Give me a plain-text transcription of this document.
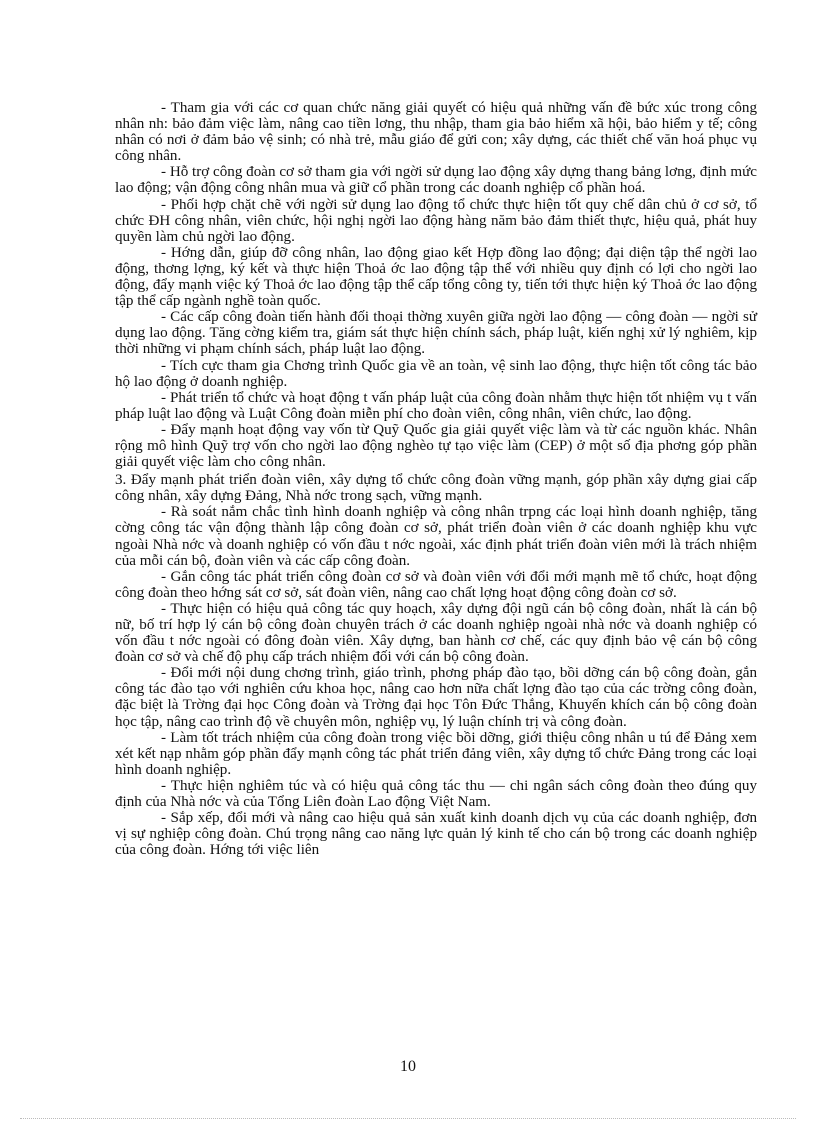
- Tham gia với các cơ quan chức năng giải quyết có hiệu quả những vấn đề bức xúc trong công nhân nh: bảo đảm việc làm, nâng cao tiền lơng, thu nhập, tham gia bảo hiểm xã hội, bảo hiểm y tế; công nhân có nơi ở đảm bảo vệ sinh; có nhà trẻ, mẫu giáo để gửi con; xây dựng, các thiết chế văn hoá phục vụ công nhân.

- Hỗ trợ công đoàn cơ sở tham gia với ngời sử dụng lao động xây dựng thang bảng lơng, định mức lao động; vận động công nhân mua và giữ cổ phần trong các doanh nghiệp cổ phần hoá.

- Phối hợp chặt chẽ với ngời sử dụng lao động tổ chức thực hiện tốt quy chế dân chủ ở cơ sở, tổ chức ĐH công nhân, viên chức, hội nghị ngời lao động hàng năm bảo đảm thiết thực, hiệu quả, phát huy quyền làm chủ ngời lao động.

- Hớng dẫn, giúp đỡ công nhân, lao động giao kết Hợp đồng lao động; đại diện tập thể ngời lao động, thơng lợng, ký kết và thực hiện Thoả ớc lao động tập thể với nhiều quy định có lợi cho ngời lao động, đẩy mạnh việc ký Thoả ớc lao động tập thể cấp tổng công ty, tiến tới thực hiện ký Thoả ớc lao động tập thể cấp ngành nghề toàn quốc.

- Các cấp công đoàn tiến hành đối thoại thờng xuyên giữa ngời lao động — công đoàn — ngời sử dụng lao động. Tăng cờng kiểm tra, giám sát thực hiện chính sách, pháp luật, kiến nghị xử lý nghiêm, kịp thời những vi phạm chính sách, pháp luật lao động.

- Tích cực tham gia Chơng trình Quốc gia về an toàn, vệ sinh lao động, thực hiện tốt công tác bảo hộ lao động ở doanh nghiệp.

- Phát triển tổ chức và hoạt động t vấn pháp luật của công đoàn nhằm thực hiện tốt nhiệm vụ t vấn pháp luật lao động và Luật Công đoàn miễn phí cho đoàn viên, công nhân, viên chức, lao động.

- Đẩy mạnh hoạt động vay vốn từ Quỹ Quốc gia giải quyết việc làm và từ các nguồn khác. Nhân rộng mô hình Quỹ trợ vốn cho ngời lao động nghèo tự tạo việc làm (CEP) ở một số địa phơng góp phần giải quyết việc làm cho công nhân.

3. Đẩy mạnh phát triển đoàn viên, xây dựng tổ chức công đoàn vững mạnh, góp phần xây dựng giai cấp công nhân, xây dựng Đảng, Nhà nớc trong sạch, vững mạnh.

- Rà soát nắm chắc tình hình doanh nghiệp và công nhân trpng các loại hình doanh nghiệp, tăng cờng công tác vận động thành lập công đoàn cơ sở, phát triển đoàn viên ở các doanh nghiệp khu vực ngoài Nhà nớc và doanh nghiệp có vốn đầu t nớc ngoài, xác định phát triển đoàn viên mới là trách nhiệm của mỗi cán bộ, đoàn viên và các cấp công đoàn.

- Gắn công tác phát triển công đoàn cơ sở và đoàn viên với đổi mới mạnh mẽ tổ chức, hoạt động công đoàn theo hớng sát cơ sở, sát đoàn viên, nâng cao chất lợng hoạt động công đoàn cơ sở.

- Thực hiện có hiệu quả công tác quy hoạch, xây dựng đội ngũ cán bộ công đoàn, nhất là cán bộ nữ, bố trí hợp lý cán bộ công đoàn chuyên trách ở các doanh nghiệp ngoài nhà nớc và doanh nghiệp có vốn đầu t nớc ngoài có đông đoàn viên. Xây dựng, ban hành cơ chế, các quy định bảo vệ cán bộ công đoàn cơ sở và chế độ phụ cấp trách nhiệm đối với cán bộ công đoàn.

- Đổi mới nội dung chơng trình, giáo trình, phơng pháp đào tạo, bồi dỡng cán bộ công đoàn, gắn công tác đào tạo với nghiên cứu khoa học, nâng cao hơn nữa chất lợng đào tạo của các trờng công đoàn, đặc biệt là Trờng đại học Công đoàn và Trờng đại học Tôn Đức Thắng, Khuyến khích cán bộ công đoàn học tập, nâng cao trình độ về chuyên môn, nghiệp vụ, lý luận chính trị và công đoàn.

- Làm tốt trách nhiệm của công đoàn trong việc bồi dỡng, giới thiệu công nhân u tú để Đảng xem xét kết nạp nhằm góp phần đẩy mạnh công tác phát triển đảng viên, xây dựng tổ chức Đảng trong các loại hình doanh nghiệp.

- Thực hiện nghiêm túc và có hiệu quả công tác thu — chi ngân sách công đoàn theo đúng quy định của Nhà nớc và của Tổng Liên đoàn Lao động Việt Nam.

- Sắp xếp, đổi mới và nâng cao hiệu quả sản xuất kinh doanh dịch vụ của các doanh nghiệp, đơn vị sự nghiệp công đoàn. Chú trọng nâng cao năng lực quản lý kinh tế cho cán bộ trong các doanh nghiệp của công đoàn. Hớng tới việc liên

10
